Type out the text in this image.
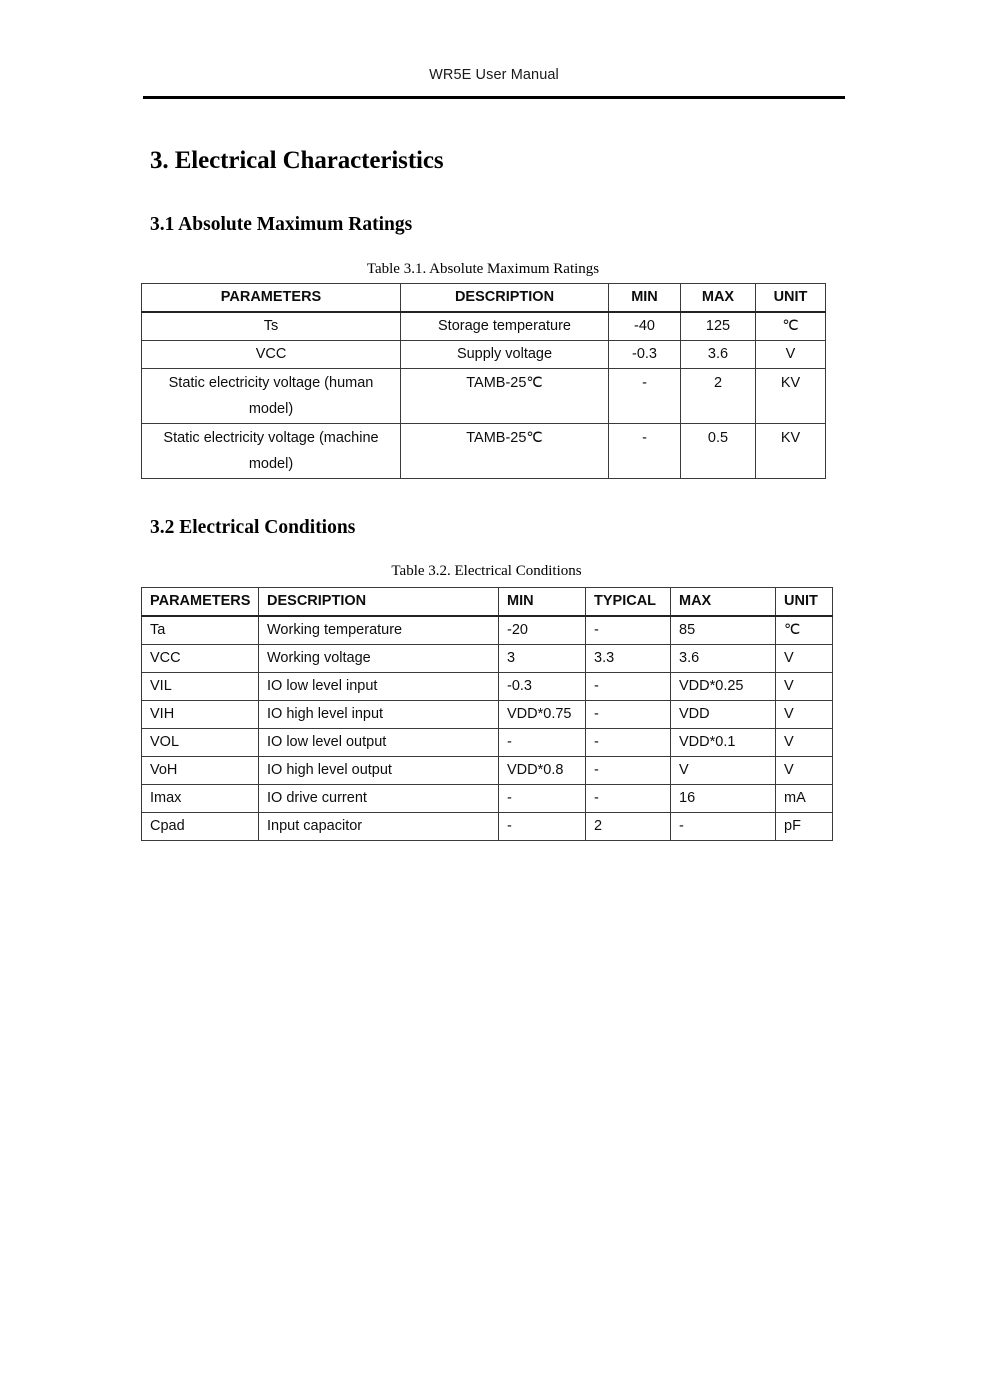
WR5E User Manual
3. Electrical Characteristics
3.1 Absolute Maximum Ratings
Table 3.1. Absolute Maximum Ratings
PARAMETERS	DESCRIPTION	MIN	MAX	UNIT
Ts	Storage temperature	-40	125	℃
VCC	Supply voltage	-0.3	3.6	V
Static electricity voltage (human model)	TAMB-25℃	-	2	KV
Static electricity voltage (machine model)	TAMB-25℃	-	0.5	KV
3.2 Electrical Conditions
Table 3.2. Electrical Conditions
PARAMETERS	DESCRIPTION	MIN	TYPICAL	MAX	UNIT
Ta	Working temperature	-20	-	85	℃
VCC	Working voltage	3	3.3	3.6	V
VIL	IO low level input	-0.3	-	VDD*0.25	V
VIH	IO high level input	VDD*0.75	-	VDD	V
VOL	IO low level output	-	-	VDD*0.1	V
VoH	IO high level output	VDD*0.8	-	V	V
Imax	IO drive current	-	-	16	mA
Cpad	Input capacitor	-	2	-	pF
